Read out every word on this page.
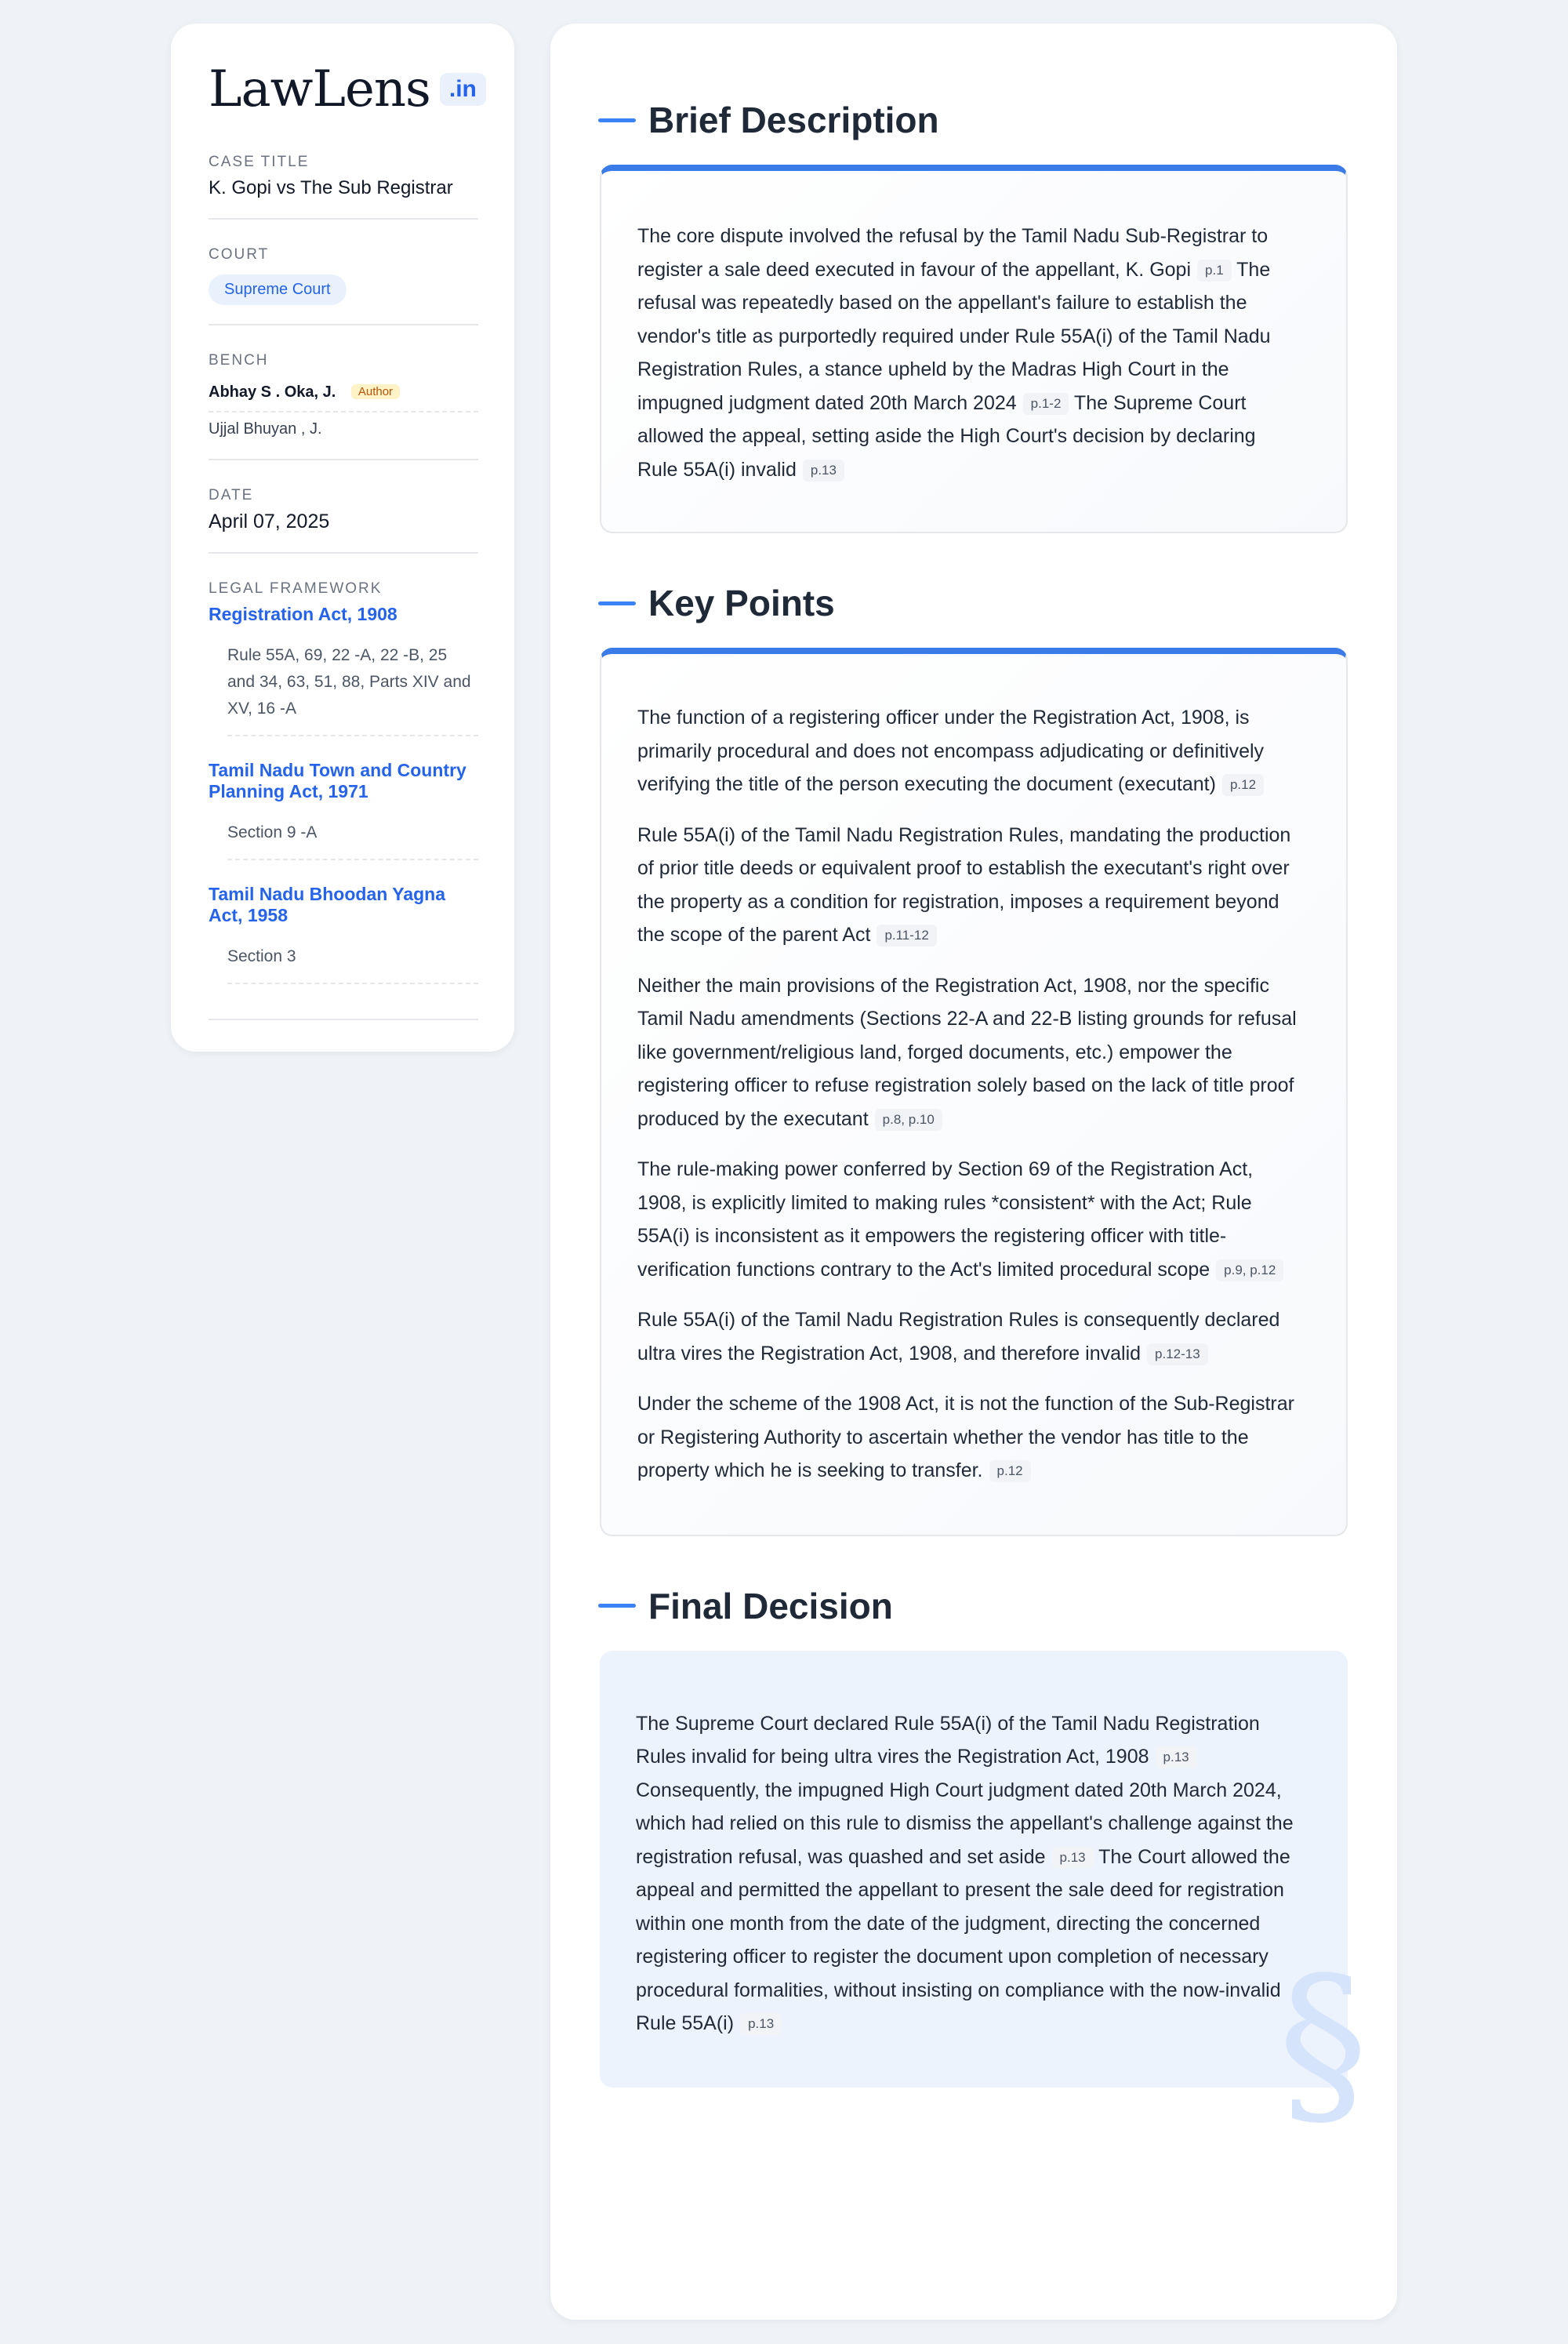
LawLens .in
CASE TITLE
K. Gopi vs The Sub Registrar
COURT
Supreme Court
BENCH
Abhay S . Oka, J. Author
Ujjal Bhuyan , J.
DATE
April 07, 2025
LEGAL FRAMEWORK
Registration Act, 1908
Rule 55A, 69, 22 -A, 22 -B, 25 and 34, 63, 51, 88, Parts XIV and XV, 16 -A
Tamil Nadu Town and Country Planning Act, 1971
Section 9 -A
Tamil Nadu Bhoodan Yagna Act, 1958
Section 3
Brief Description

The core dispute involved the refusal by the Tamil Nadu Sub-Registrar to register a sale deed executed in favour of the appellant, K. Gopi p.1 The refusal was repeatedly based on the appellant's failure to establish the vendor's title as purportedly required under Rule 55A(i) of the Tamil Nadu Registration Rules, a stance upheld by the Madras High Court in the impugned judgment dated 20th March 2024 p.1-2 The Supreme Court allowed the appeal, setting aside the High Court's decision by declaring Rule 55A(i) invalid p.13

Key Points

The function of a registering officer under the Registration Act, 1908, is primarily procedural and does not encompass adjudicating or definitively verifying the title of the person executing the document (executant) p.12

Rule 55A(i) of the Tamil Nadu Registration Rules, mandating the production of prior title deeds or equivalent proof to establish the executant's right over the property as a condition for registration, imposes a requirement beyond the scope of the parent Act p.11-12

Neither the main provisions of the Registration Act, 1908, nor the specific Tamil Nadu amendments (Sections 22-A and 22-B listing grounds for refusal like government/religious land, forged documents, etc.) empower the registering officer to refuse registration solely based on the lack of title proof produced by the executant p.8, p.10

The rule-making power conferred by Section 69 of the Registration Act, 1908, is explicitly limited to making rules *consistent* with the Act; Rule 55A(i) is inconsistent as it empowers the registering officer with title-verification functions contrary to the Act's limited procedural scope p.9, p.12

Rule 55A(i) of the Tamil Nadu Registration Rules is consequently declared ultra vires the Registration Act, 1908, and therefore invalid p.12-13

Under the scheme of the 1908 Act, it is not the function of the Sub-Registrar or Registering Authority to ascertain whether the vendor has title to the property which he is seeking to transfer. p.12

Final Decision
§

The Supreme Court declared Rule 55A(i) of the Tamil Nadu Registration Rules invalid for being ultra vires the Registration Act, 1908 p.13 Consequently, the impugned High Court judgment dated 20th March 2024, which had relied on this rule to dismiss the appellant's challenge against the registration refusal, was quashed and set aside p.13 The Court allowed the appeal and permitted the appellant to present the sale deed for registration within one month from the date of the judgment, directing the concerned registering officer to register the document upon completion of necessary procedural formalities, without insisting on compliance with the now-invalid Rule 55A(i) p.13
